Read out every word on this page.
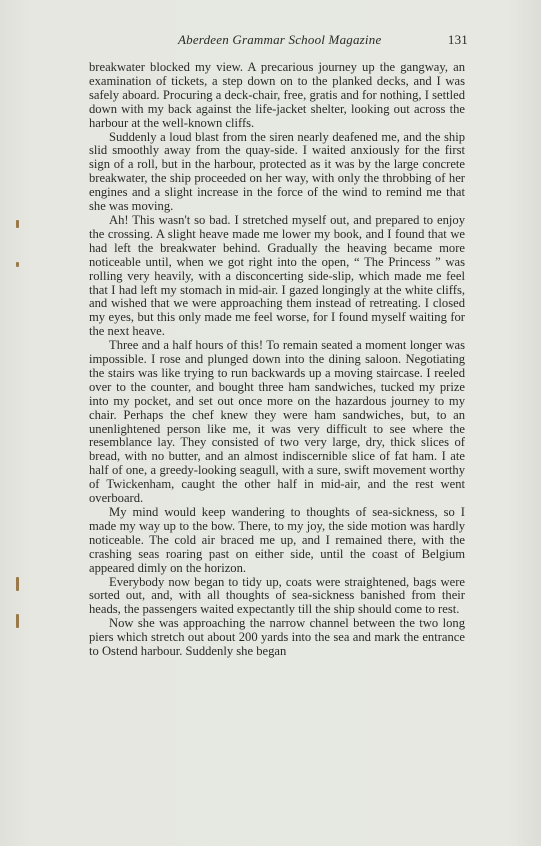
Aberdeen Grammar School Magazine	131

breakwater blocked my view. A precarious journey up the gangway, an examination of tickets, a step down on to the planked decks, and I was safely aboard. Procuring a deck-chair, free, gratis and for nothing, I settled down with my back against the life-jacket shelter, looking out across the harbour at the well-known cliffs.

Suddenly a loud blast from the siren nearly deafened me, and the ship slid smoothly away from the quay-side. I waited anxiously for the first sign of a roll, but in the harbour, protected as it was by the large concrete breakwater, the ship proceeded on her way, with only the throbbing of her engines and a slight increase in the force of the wind to remind me that she was moving.

Ah! This wasn't so bad. I stretched myself out, and prepared to enjoy the crossing. A slight heave made me lower my book, and I found that we had left the breakwater behind. Gradually the heaving became more noticeable until, when we got right into the open, “ The Princess ” was rolling very heavily, with a disconcerting side-slip, which made me feel that I had left my stomach in mid-air. I gazed longingly at the white cliffs, and wished that we were approaching them instead of retreating. I closed my eyes, but this only made me feel worse, for I found myself waiting for the next heave.

Three and a half hours of this! To remain seated a moment longer was impossible. I rose and plunged down into the dining saloon. Negotiating the stairs was like trying to run backwards up a moving staircase. I reeled over to the counter, and bought three ham sandwiches, tucked my prize into my pocket, and set out once more on the hazardous journey to my chair. Perhaps the chef knew they were ham sandwiches, but, to an unenlightened person like me, it was very difficult to see where the resemblance lay. They consisted of two very large, dry, thick slices of bread, with no butter, and an almost indiscernible slice of fat ham. I ate half of one, a greedy-looking seagull, with a sure, swift movement worthy of Twickenham, caught the other half in mid-air, and the rest went overboard.

My mind would keep wandering to thoughts of sea-sickness, so I made my way up to the bow. There, to my joy, the side motion was hardly noticeable. The cold air braced me up, and I remained there, with the crashing seas roaring past on either side, until the coast of Belgium appeared dimly on the horizon.

Everybody now began to tidy up, coats were straightened, bags were sorted out, and, with all thoughts of sea-sickness banished from their heads, the passengers waited expectantly till the ship should come to rest.

Now she was approaching the narrow channel between the two long piers which stretch out about 200 yards into the sea and mark the entrance to Ostend harbour. Suddenly she began
